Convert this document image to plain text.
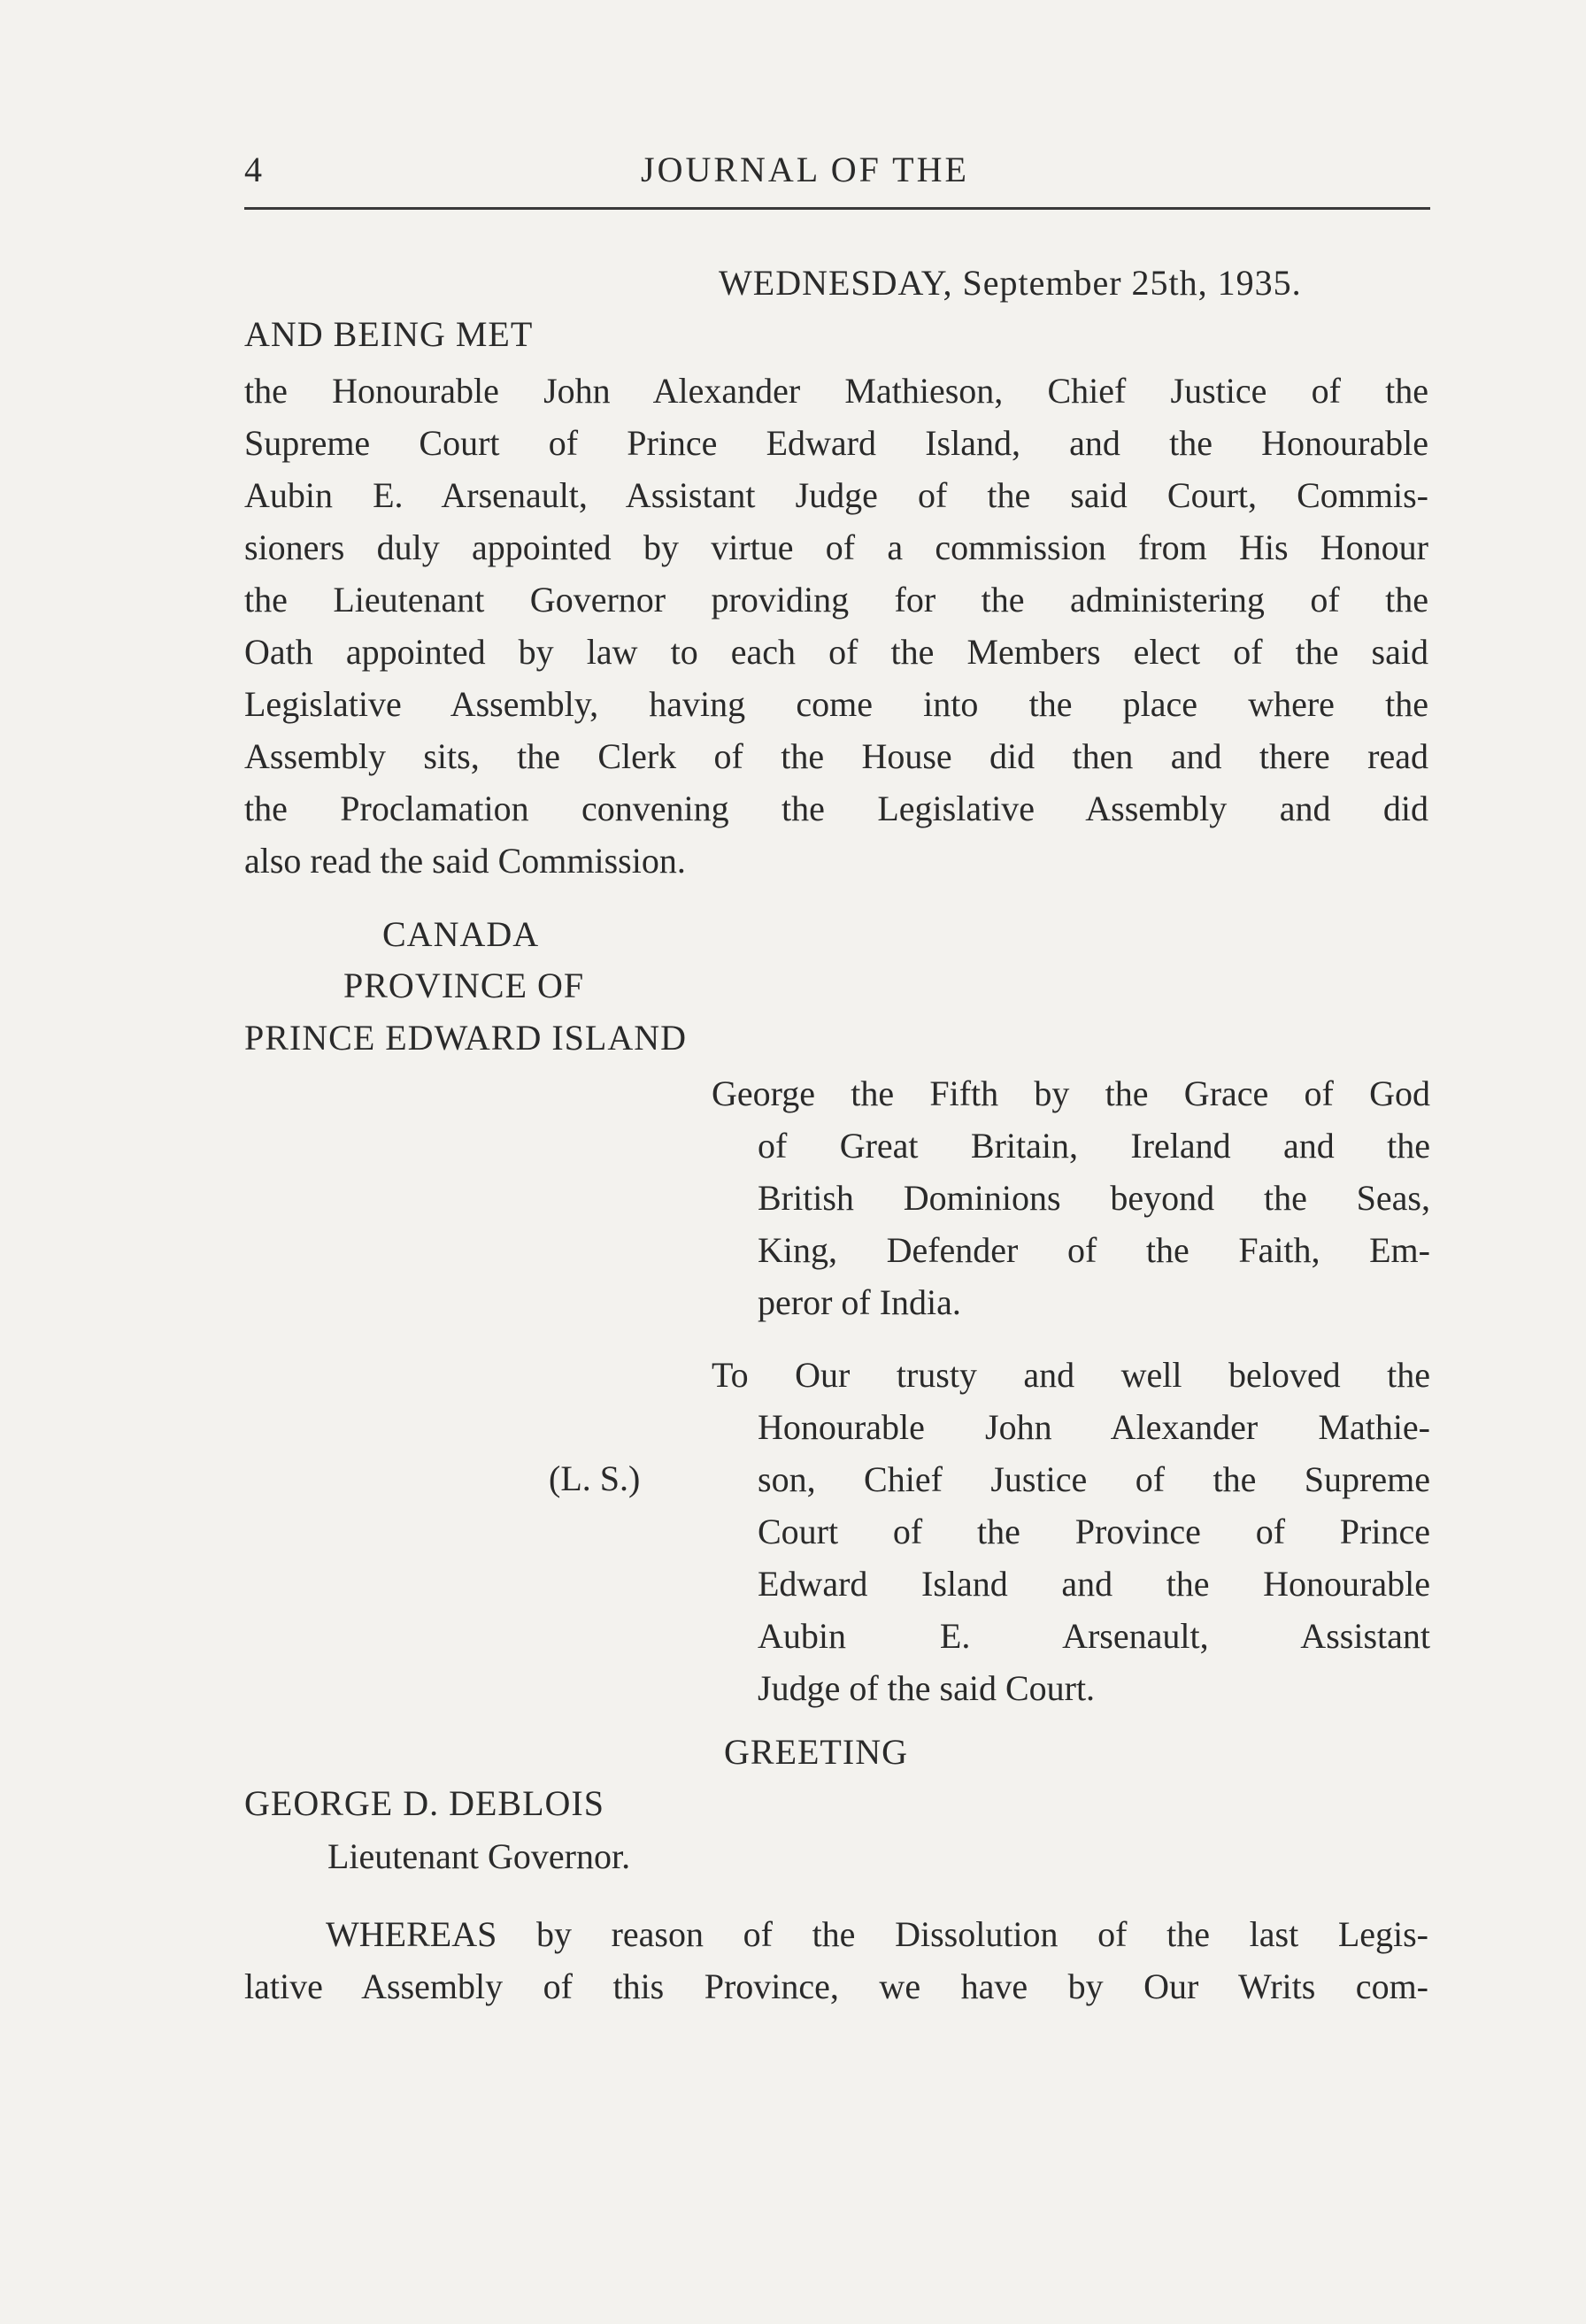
4	JOURNAL OF THE
WEDNESDAY, September 25th, 1935.
AND BEING MET
the Honourable John Alexander Mathieson, Chief Justice of the
Supreme Court of Prince Edward Island, and the Honourable
Aubin E. Arsenault, Assistant Judge of the said Court, Commis-
sioners duly appointed by virtue of a commission from His Honour
the Lieutenant Governor providing for the administering of the
Oath appointed by law to each of the Members elect of the said
Legislative Assembly, having come into the place where the
Assembly sits, the Clerk of the House did then and there read
the Proclamation convening the Legislative Assembly and did
also read the said Commission.
CANADA
PROVINCE OF
PRINCE EDWARD ISLAND
George the Fifth by the Grace of God
of Great Britain, Ireland and the
British Dominions beyond the Seas,
King, Defender of the Faith, Em-
peror of India.
To Our trusty and well beloved the
Honourable John Alexander Mathie-
son, Chief Justice of the Supreme
Court of the Province of Prince
Edward Island and the Honourable
Aubin E. Arsenault, Assistant
Judge of the said Court.
(L. S.)
GREETING
GEORGE D. DEBLOIS
Lieutenant Governor.
WHEREAS by reason of the Dissolution of the last Legis-
lative Assembly of this Province, we have by Our Writs com-
